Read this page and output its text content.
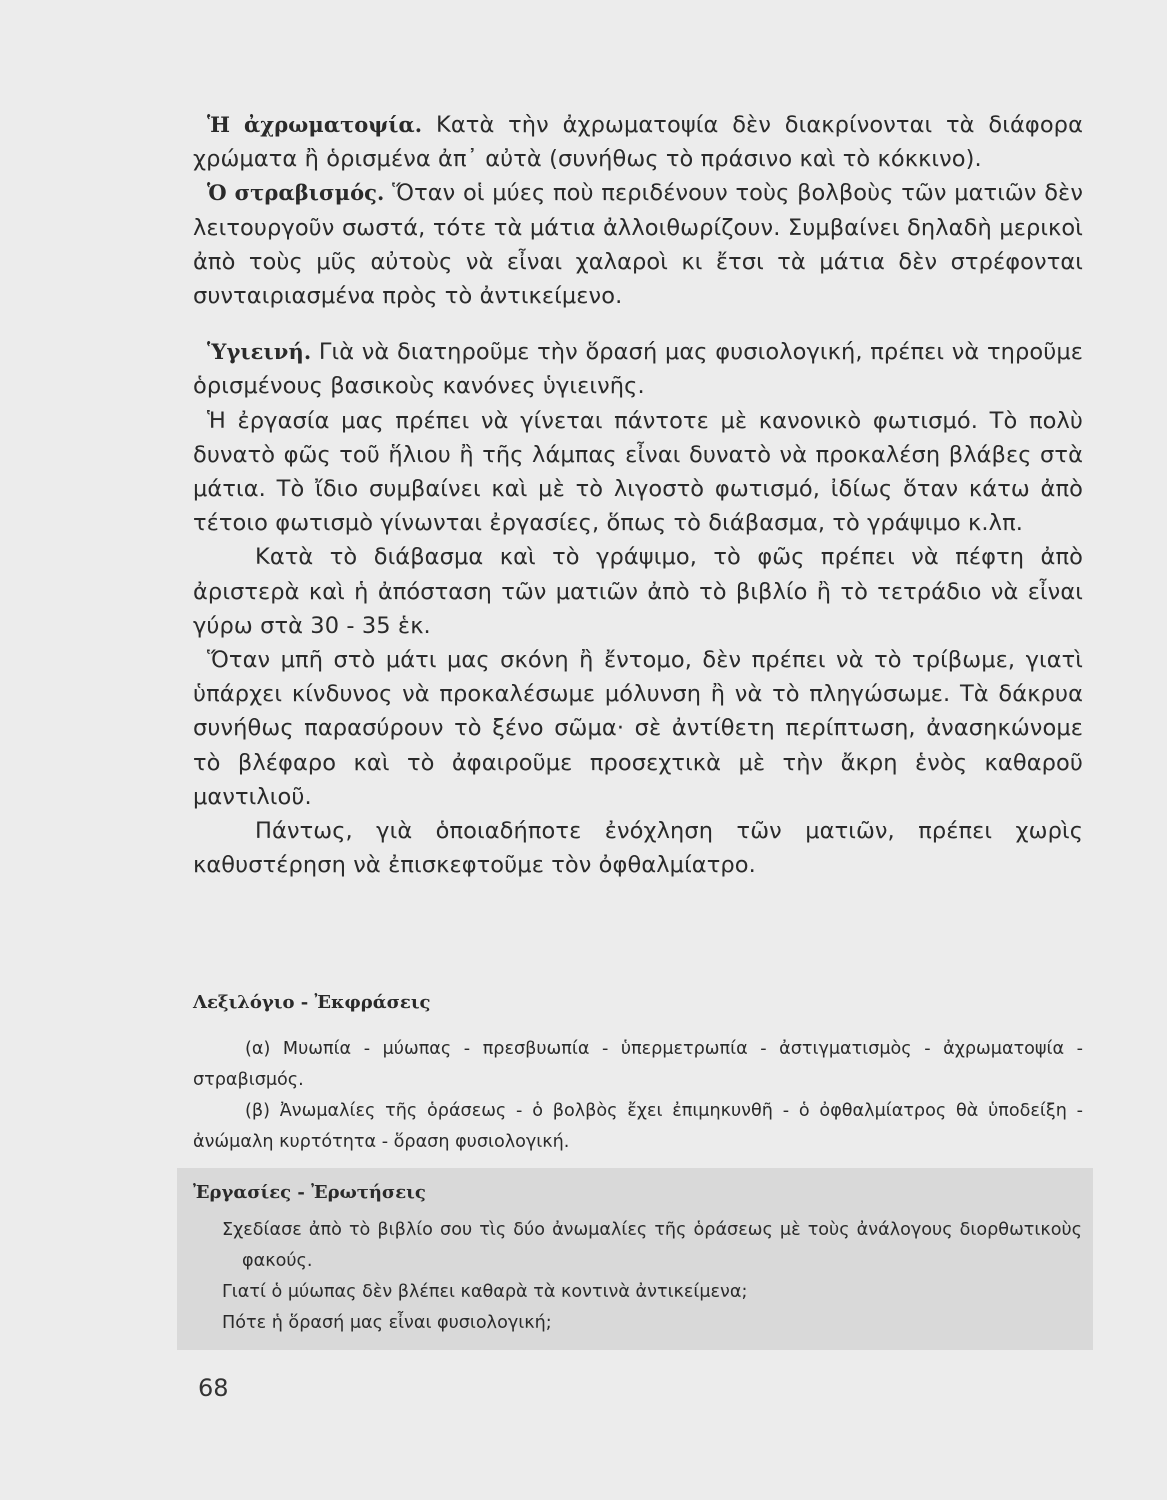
Ἡ ἀχρωματοψία. Κατὰ τὴν ἀχρωματοψία δὲν διακρίνονται τὰ διάφορα χρώματα ἢ ὁρισμένα ἀπ᾽ αὐτὰ (συνήθως τὸ πράσινο καὶ τὸ κόκκινο).

Ὁ στραβισμός. Ὅταν οἱ μύες ποὺ περιδένουν τοὺς βολβοὺς τῶν ματιῶν δὲν λειτουργοῦν σωστά, τότε τὰ μάτια ἀλλοιθωρίζουν. Συμβαίνει δηλαδὴ μερικοὶ ἀπὸ τοὺς μῦς αὐτοὺς νὰ εἶναι χαλαροὶ κι ἔτσι τὰ μάτια δὲν στρέφονται συνταιριασμένα πρὸς τὸ ἀντικείμενο.

Ὑγιεινή. Γιὰ νὰ διατηροῦμε τὴν ὅρασή μας φυσιολογική, πρέπει νὰ τηροῦμε ὁρισμένους βασικοὺς κανόνες ὑγιεινῆς.

Ἡ ἐργασία μας πρέπει νὰ γίνεται πάντοτε μὲ κανονικὸ φωτισμό. Τὸ πολὺ δυνατὸ φῶς τοῦ ἥλιου ἢ τῆς λάμπας εἶναι δυνατὸ νὰ προκαλέση βλάβες στὰ μάτια. Τὸ ἴδιο συμβαίνει καὶ μὲ τὸ λιγοστὸ φωτισμό, ἰδίως ὅταν κάτω ἀπὸ τέτοιο φωτισμὸ γίνωνται ἐργασίες, ὅπως τὸ διάβασμα, τὸ γράψιμο κ.λπ.

Κατὰ τὸ διάβασμα καὶ τὸ γράψιμο, τὸ φῶς πρέπει νὰ πέφτη ἀπὸ ἀριστερὰ καὶ ἡ ἀπόσταση τῶν ματιῶν ἀπὸ τὸ βιβλίο ἢ τὸ τετράδιο νὰ εἶναι γύρω στὰ 30 - 35 ἑκ.

Ὅταν μπῆ στὸ μάτι μας σκόνη ἢ ἔντομο, δὲν πρέπει νὰ τὸ τρίβωμε, γιατὶ ὑπάρχει κίνδυνος νὰ προκαλέσωμε μόλυνση ἢ νὰ τὸ πληγώσωμε. Τὰ δάκρυα συνήθως παρασύρουν τὸ ξένο σῶμα· σὲ ἀντίθετη περίπτωση, ἀνασηκώνομε τὸ βλέφαρο καὶ τὸ ἀφαιροῦμε προσεχτικὰ μὲ τὴν ἄκρη ἑνὸς καθαροῦ μαντιλιοῦ.

Πάντως, γιὰ ὁποιαδήποτε ἐνόχληση τῶν ματιῶν, πρέπει χωρὶς καθυστέρηση νὰ ἐπισκεφτοῦμε τὸν ὀφθαλμίατρο.

Λεξιλόγιο - Ἐκφράσεις

(α) Μυωπία - μύωπας - πρεσβυωπία - ὑπερμετρωπία - ἀστιγματισμὸς - ἀχρωματοψία - στραβισμός.

(β) Ἀνωμαλίες τῆς ὁράσεως - ὁ βολβὸς ἔχει ἐπιμηκυνθῆ - ὁ ὀφθαλμίατρος θὰ ὑποδείξη - ἀνώμαλη κυρτότητα - ὅραση φυσιολογική.

Ἐργασίες - Ἐρωτήσεις

Σχεδίασε ἀπὸ τὸ βιβλίο σου τὶς δύο ἀνωμαλίες τῆς ὁράσεως μὲ τοὺς ἀνάλογους διορθωτικοὺς φακούς.

Γιατί ὁ μύωπας δὲν βλέπει καθαρὰ τὰ κοντινὰ ἀντικείμενα;

Πότε ἡ ὅρασή μας εἶναι φυσιολογική;

68
